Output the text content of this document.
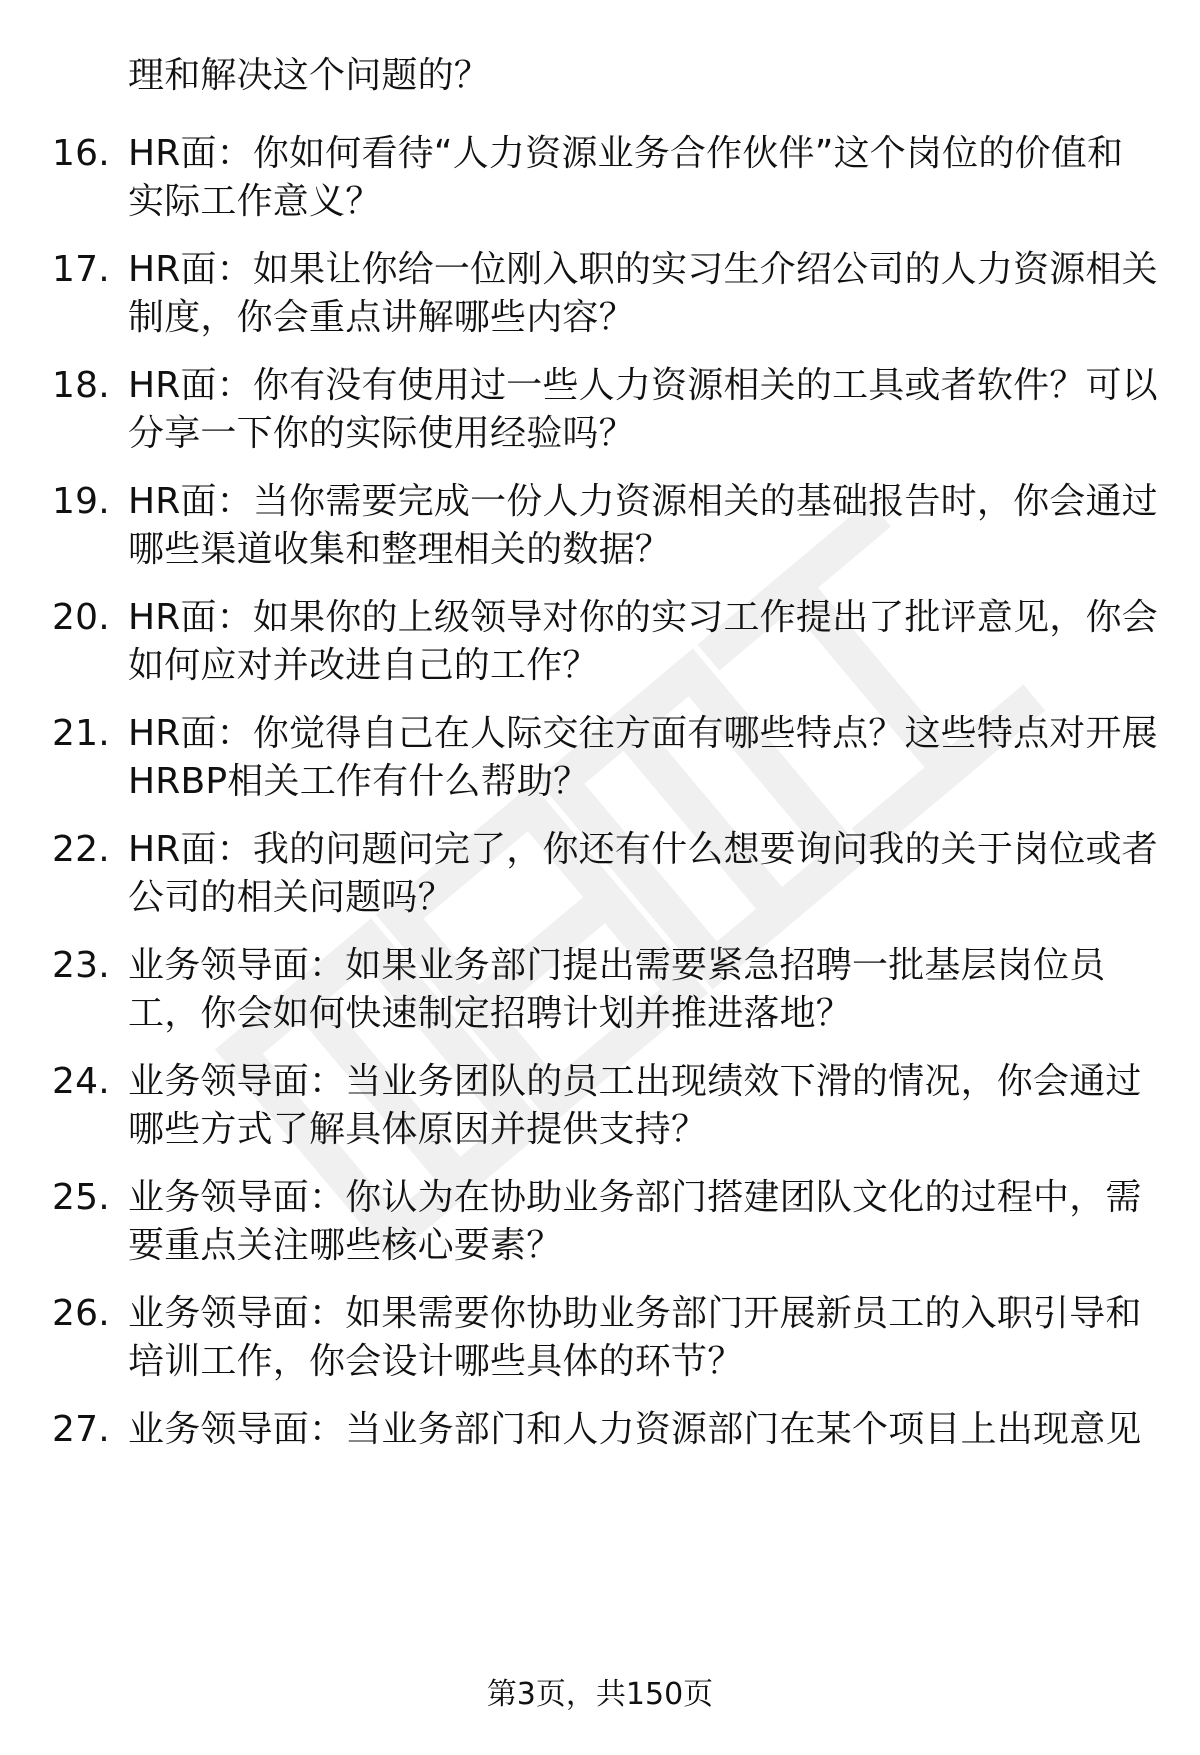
理和解决这个问题的？
16. HR面：你如何看待“人力资源业务合作伙伴”这个岗位的价值和
实际工作意义？
17. HR面：如果让你给一位刚入职的实习生介绍公司的人力资源相关
制度，你会重点讲解哪些内容？
18. HR面：你有没有使用过一些人力资源相关的工具或者软件？可以
分享一下你的实际使用经验吗？
19. HR面：当你需要完成一份人力资源相关的基础报告时，你会通过
哪些渠道收集和整理相关的数据？
20. HR面：如果你的上级领导对你的实习工作提出了批评意见，你会
如何应对并改进自己的工作？
21. HR面：你觉得自己在人际交往方面有哪些特点？这些特点对开展
HRBP相关工作有什么帮助？
22. HR面：我的问题问完了，你还有什么想要询问我的关于岗位或者
公司的相关问题吗？
23. 业务领导面：如果业务部门提出需要紧急招聘一批基层岗位员
工，你会如何快速制定招聘计划并推进落地？
24. 业务领导面：当业务团队的员工出现绩效下滑的情况，你会通过
哪些方式了解具体原因并提供支持？
25. 业务领导面：你认为在协助业务部门搭建团队文化的过程中，需
要重点关注哪些核心要素？
26. 业务领导面：如果需要你协助业务部门开展新员工的入职引导和
培训工作，你会设计哪些具体的环节？
27. 业务领导面：当业务部门和人力资源部门在某个项目上出现意见
第3页，共150页
